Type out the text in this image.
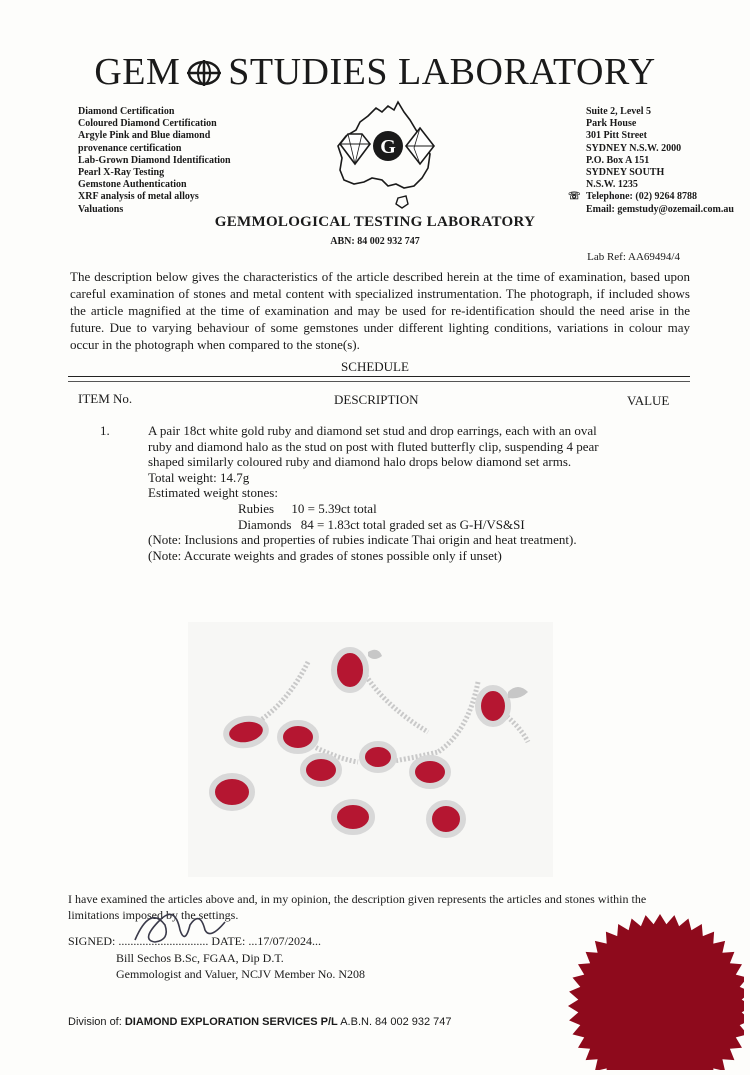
GEM STUDIES LABORATORY
Diamond Certification
Coloured Diamond Certification
Argyle Pink and Blue diamond
provenance certification
Lab-Grown Diamond Identification
Pearl X-Ray Testing
Gemstone Authentication
XRF analysis of metal alloys
Valuations
G
Suite 2, Level 5
Park House
301 Pitt Street
SYDNEY N.S.W. 2000
P.O. Box A 151
SYDNEY SOUTH
N.S.W. 1235
☏ Telephone: (02) 9264 8788
Email: gemstudy@ozemail.com.au
GEMMOLOGICAL TESTING LABORATORY
ABN: 84 002 932 747
Lab Ref: AA69494/4
The description below gives the characteristics of the article described herein at the time of examination, based upon careful examination of stones and metal content with specialized instrumentation. The photograph, if included shows the article magnified at the time of examination and may be used for re-identification should the need arise in the future. Due to varying behaviour of some gemstones under different lighting conditions, variations in colour may occur in the photograph when compared to the stone(s).
SCHEDULE
ITEM No.	DESCRIPTION	VALUE
1.	A pair 18ct white gold ruby and diamond set stud and drop earrings, each with an oval ruby and diamond halo as the stud on post with fluted butterfly clip, suspending 4 pear shaped similarly coloured ruby and diamond halo drops below diamond set arms.
Total weight: 14.7g
Estimated weight stones:
Rubies 10 = 5.39ct total
Diamonds 84 = 1.83ct total graded set as G-H/VS&SI
(Note: Inclusions and properties of rubies indicate Thai origin and heat treatment).
(Note: Accurate weights and grades of stones possible only if unset)
I have examined the articles above and, in my opinion, the description given represents the articles and stones within the limitations imposed by the settings.
SIGNED: .............................. DATE: ...17/07/2024...
Bill Sechos B.Sc, FGAA, Dip D.T.
Gemmologist and Valuer, NCJV Member No. N208
Division of: DIAMOND EXPLORATION SERVICES P/L A.B.N. 84 002 932 747
